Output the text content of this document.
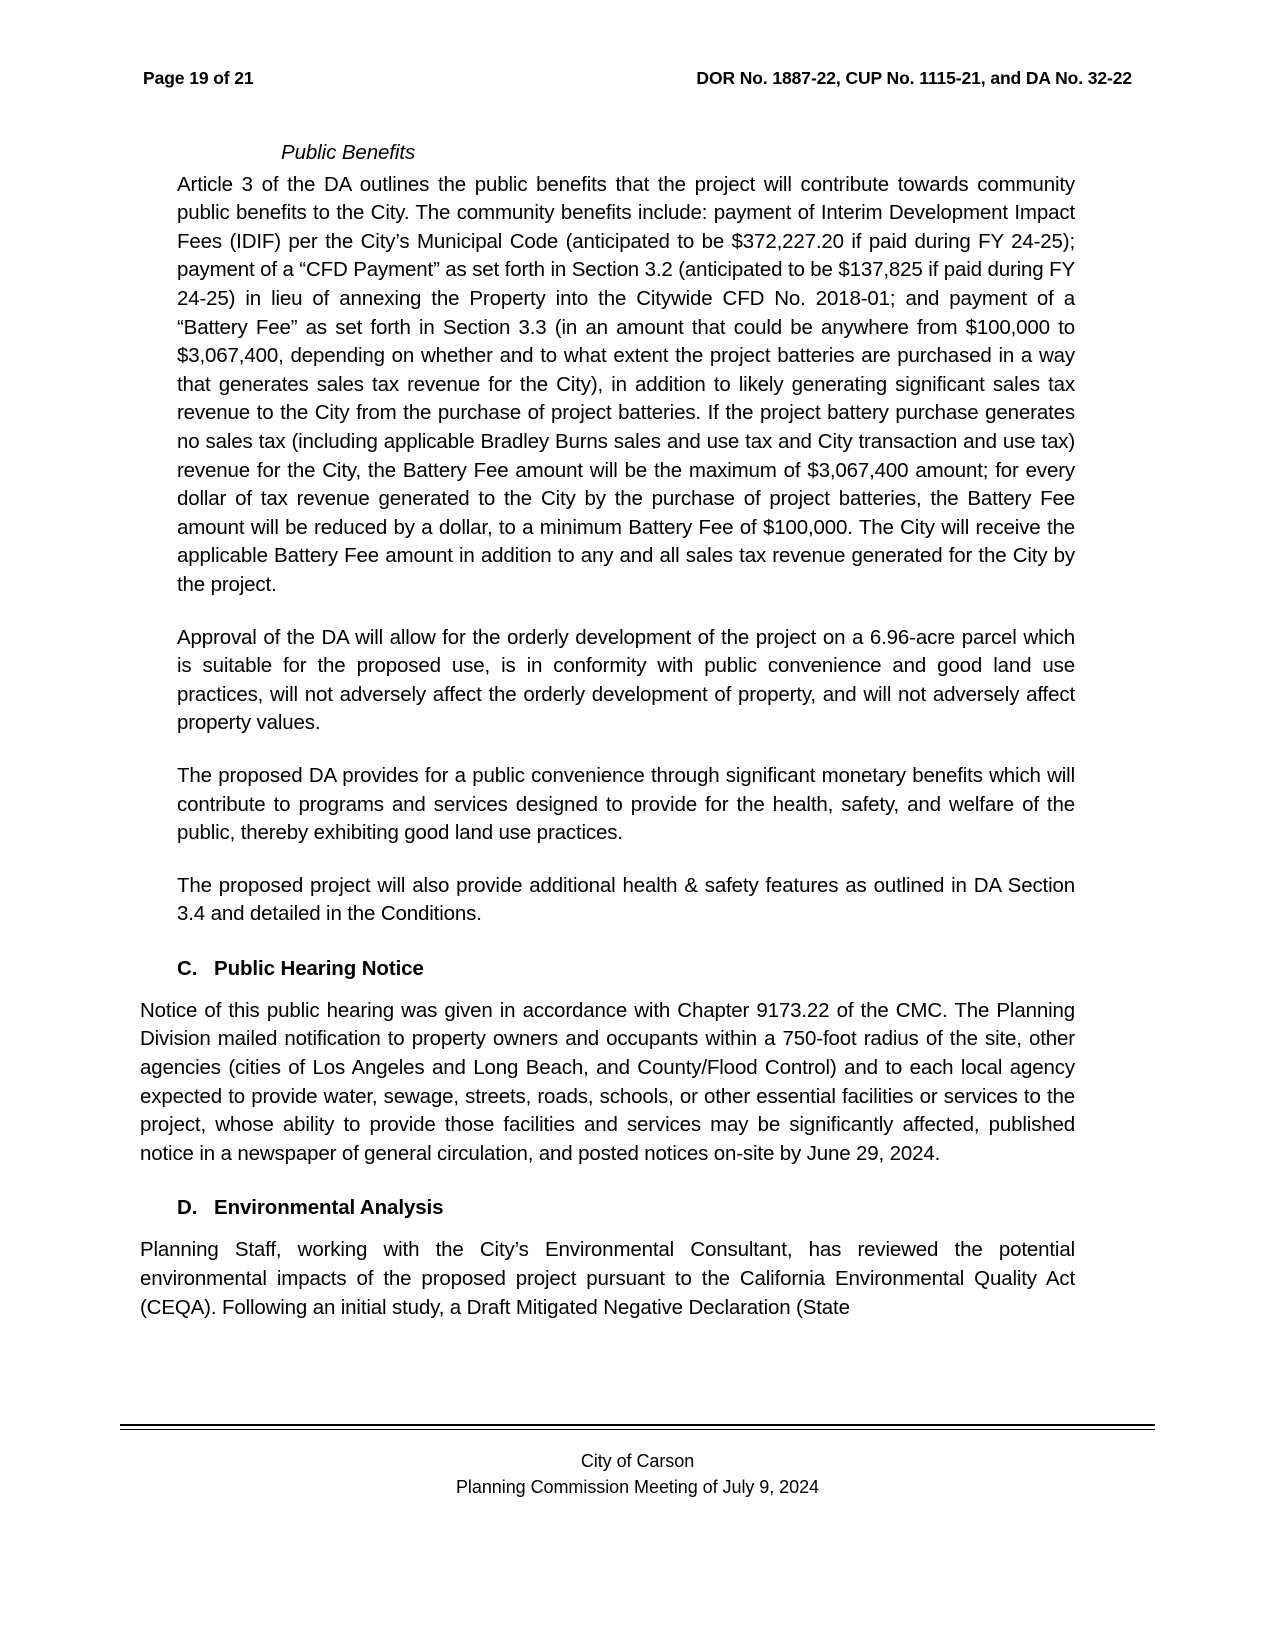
Page 19 of 21	DOR No. 1887-22, CUP No. 1115-21, and DA No. 32-22
Public Benefits

Article 3 of the DA outlines the public benefits that the project will contribute towards community public benefits to the City. The community benefits include: payment of Interim Development Impact Fees (IDIF) per the City’s Municipal Code (anticipated to be $372,227.20 if paid during FY 24-25); payment of a “CFD Payment” as set forth in Section 3.2 (anticipated to be $137,825 if paid during FY 24-25) in lieu of annexing the Property into the Citywide CFD No. 2018-01; and payment of a “Battery Fee” as set forth in Section 3.3 (in an amount that could be anywhere from $100,000 to $3,067,400, depending on whether and to what extent the project batteries are purchased in a way that generates sales tax revenue for the City), in addition to likely generating significant sales tax revenue to the City from the purchase of project batteries. If the project battery purchase generates no sales tax (including applicable Bradley Burns sales and use tax and City transaction and use tax) revenue for the City, the Battery Fee amount will be the maximum of $3,067,400 amount; for every dollar of tax revenue generated to the City by the purchase of project batteries, the Battery Fee amount will be reduced by a dollar, to a minimum Battery Fee of $100,000. The City will receive the applicable Battery Fee amount in addition to any and all sales tax revenue generated for the City by the project.

Approval of the DA will allow for the orderly development of the project on a 6.96-acre parcel which is suitable for the proposed use, is in conformity with public convenience and good land use practices, will not adversely affect the orderly development of property, and will not adversely affect property values.

The proposed DA provides for a public convenience through significant monetary benefits which will contribute to programs and services designed to provide for the health, safety, and welfare of the public, thereby exhibiting good land use practices.

The proposed project will also provide additional health & safety features as outlined in DA Section 3.4 and detailed in the Conditions.

C. Public Hearing Notice

Notice of this public hearing was given in accordance with Chapter 9173.22 of the CMC. The Planning Division mailed notification to property owners and occupants within a 750-foot radius of the site, other agencies (cities of Los Angeles and Long Beach, and County/Flood Control) and to each local agency expected to provide water, sewage, streets, roads, schools, or other essential facilities or services to the project, whose ability to provide those facilities and services may be significantly affected, published notice in a newspaper of general circulation, and posted notices on-site by June 29, 2024.

D. Environmental Analysis

Planning Staff, working with the City’s Environmental Consultant, has reviewed the potential environmental impacts of the proposed project pursuant to the California Environmental Quality Act (CEQA). Following an initial study, a Draft Mitigated Negative Declaration (State

City of Carson
Planning Commission Meeting of July 9, 2024
